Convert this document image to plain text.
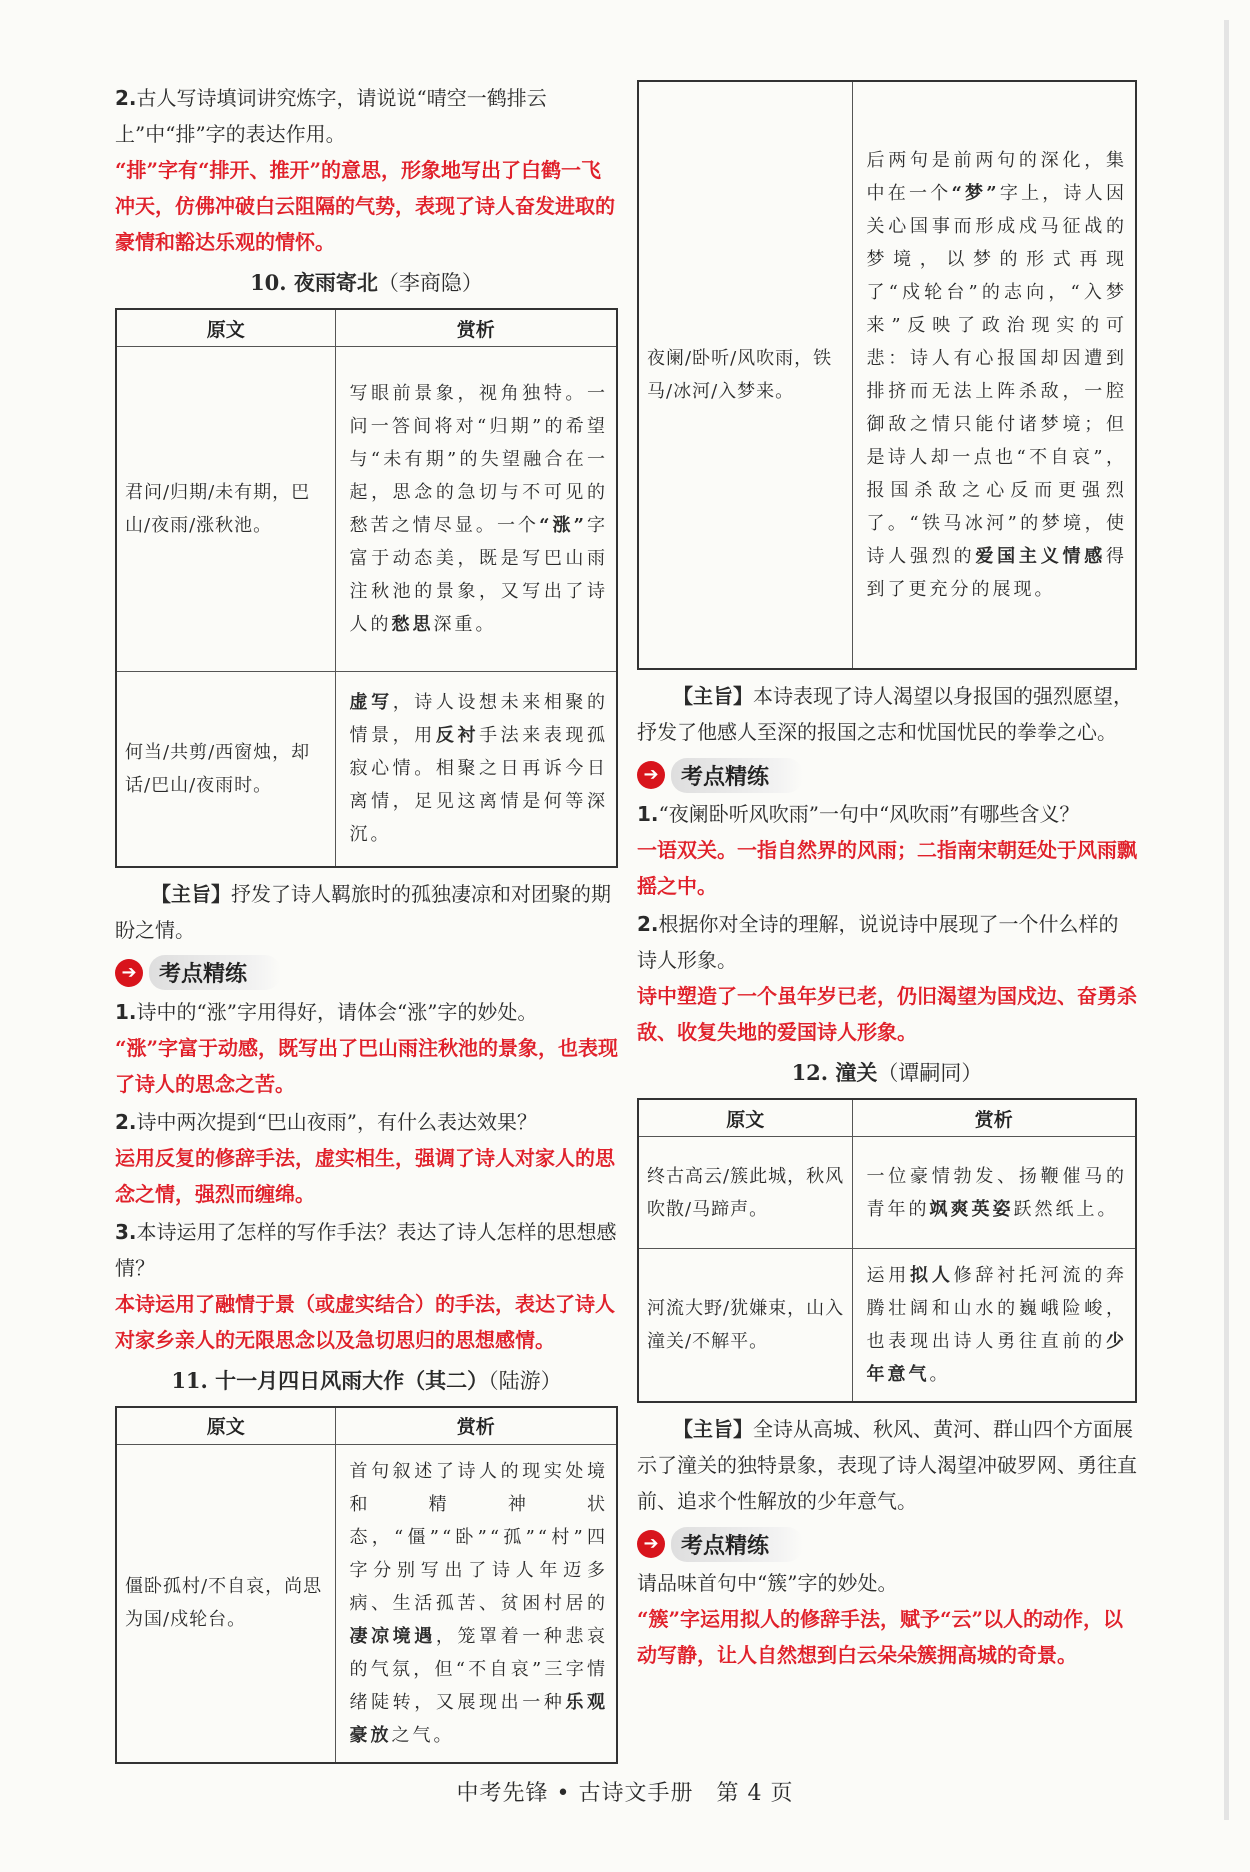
2.古人写诗填词讲究炼字，请说说“晴空一鹤排云上”中“排”字的表达作用。

“排”字有“排开、推开”的意思，形象地写出了白鹤一飞冲天，仿佛冲破白云阻隔的气势，表现了诗人奋发进取的豪情和豁达乐观的情怀。

10. 夜雨寄北（李商隐）
原文	赏析
君问/归期/未有期，巴山/夜雨/涨秋池。	写眼前景象，视角独特。一问一答间将对“归期”的希望与“未有期”的失望融合在一起，思念的急切与不可见的愁苦之情尽显。一个“涨”字富于动态美，既是写巴山雨注秋池的景象，又写出了诗人的愁思深重。
何当/共剪/西窗烛，却话/巴山/夜雨时。	虚写，诗人设想未来相聚的情景，用反衬手法来表现孤寂心情。相聚之日再诉今日离情，足见这离情是何等深沉。

【主旨】抒发了诗人羁旅时的孤独凄凉和对团聚的期盼之情。

➔	考点精练

1.诗中的“涨”字用得好，请体会“涨”字的妙处。

“涨”字富于动感，既写出了巴山雨注秋池的景象，也表现了诗人的思念之苦。

2.诗中两次提到“巴山夜雨”，有什么表达效果？

运用反复的修辞手法，虚实相生，强调了诗人对家人的思念之情，强烈而缠绵。

3.本诗运用了怎样的写作手法？表达了诗人怎样的思想感情？

本诗运用了融情于景（或虚实结合）的手法，表达了诗人对家乡亲人的无限思念以及急切思归的思想感情。

11. 十一月四日风雨大作（其二）（陆游）
原文	赏析
僵卧孤村/不自哀，尚思为国/戍轮台。	首句叙述了诗人的现实处境和精神状态，“僵”“卧”“孤”“村”四字分别写出了诗人年迈多病、生活孤苦、贫困村居的凄凉境遇，笼罩着一种悲哀的气氛，但“不自哀”三字情绪陡转，又展现出一种乐观豪放之气。
夜阑/卧听/风吹雨，铁马/冰河/入梦来。	后两句是前两句的深化，集中在一个“梦”字上，诗人因关心国事而形成戍马征战的梦境，以梦的形式再现了“戍轮台”的志向，“入梦来”反映了政治现实的可悲：诗人有心报国却因遭到排挤而无法上阵杀敌，一腔御敌之情只能付诸梦境；但是诗人却一点也“不自哀”，报国杀敌之心反而更强烈了。“铁马冰河”的梦境，使诗人强烈的爱国主义情感得到了更充分的展现。

【主旨】本诗表现了诗人渴望以身报国的强烈愿望，抒发了他感人至深的报国之志和忧国忧民的拳拳之心。

➔	考点精练

1.“夜阑卧听风吹雨”一句中“风吹雨”有哪些含义？

一语双关。一指自然界的风雨；二指南宋朝廷处于风雨飘摇之中。

2.根据你对全诗的理解，说说诗中展现了一个什么样的诗人形象。

诗中塑造了一个虽年岁已老，仍旧渴望为国戍边、奋勇杀敌、收复失地的爱国诗人形象。

12. 潼关（谭嗣同）
原文	赏析
终古高云/簇此城，秋风吹散/马蹄声。	一位豪情勃发、扬鞭催马的青年的飒爽英姿跃然纸上。
河流大野/犹嫌束，山入潼关/不解平。	运用拟人修辞衬托河流的奔腾壮阔和山水的巍峨险峻，也表现出诗人勇往直前的少年意气。

【主旨】全诗从高城、秋风、黄河、群山四个方面展示了潼关的独特景象，表现了诗人渴望冲破罗网、勇往直前、追求个性解放的少年意气。

➔	考点精练

请品味首句中“簇”字的妙处。

“簇”字运用拟人的修辞手法，赋予“云”以人的动作，以动写静，让人自然想到白云朵朵簇拥高城的奇景。

中考先锋 • 古诗文手册　第 4 页
